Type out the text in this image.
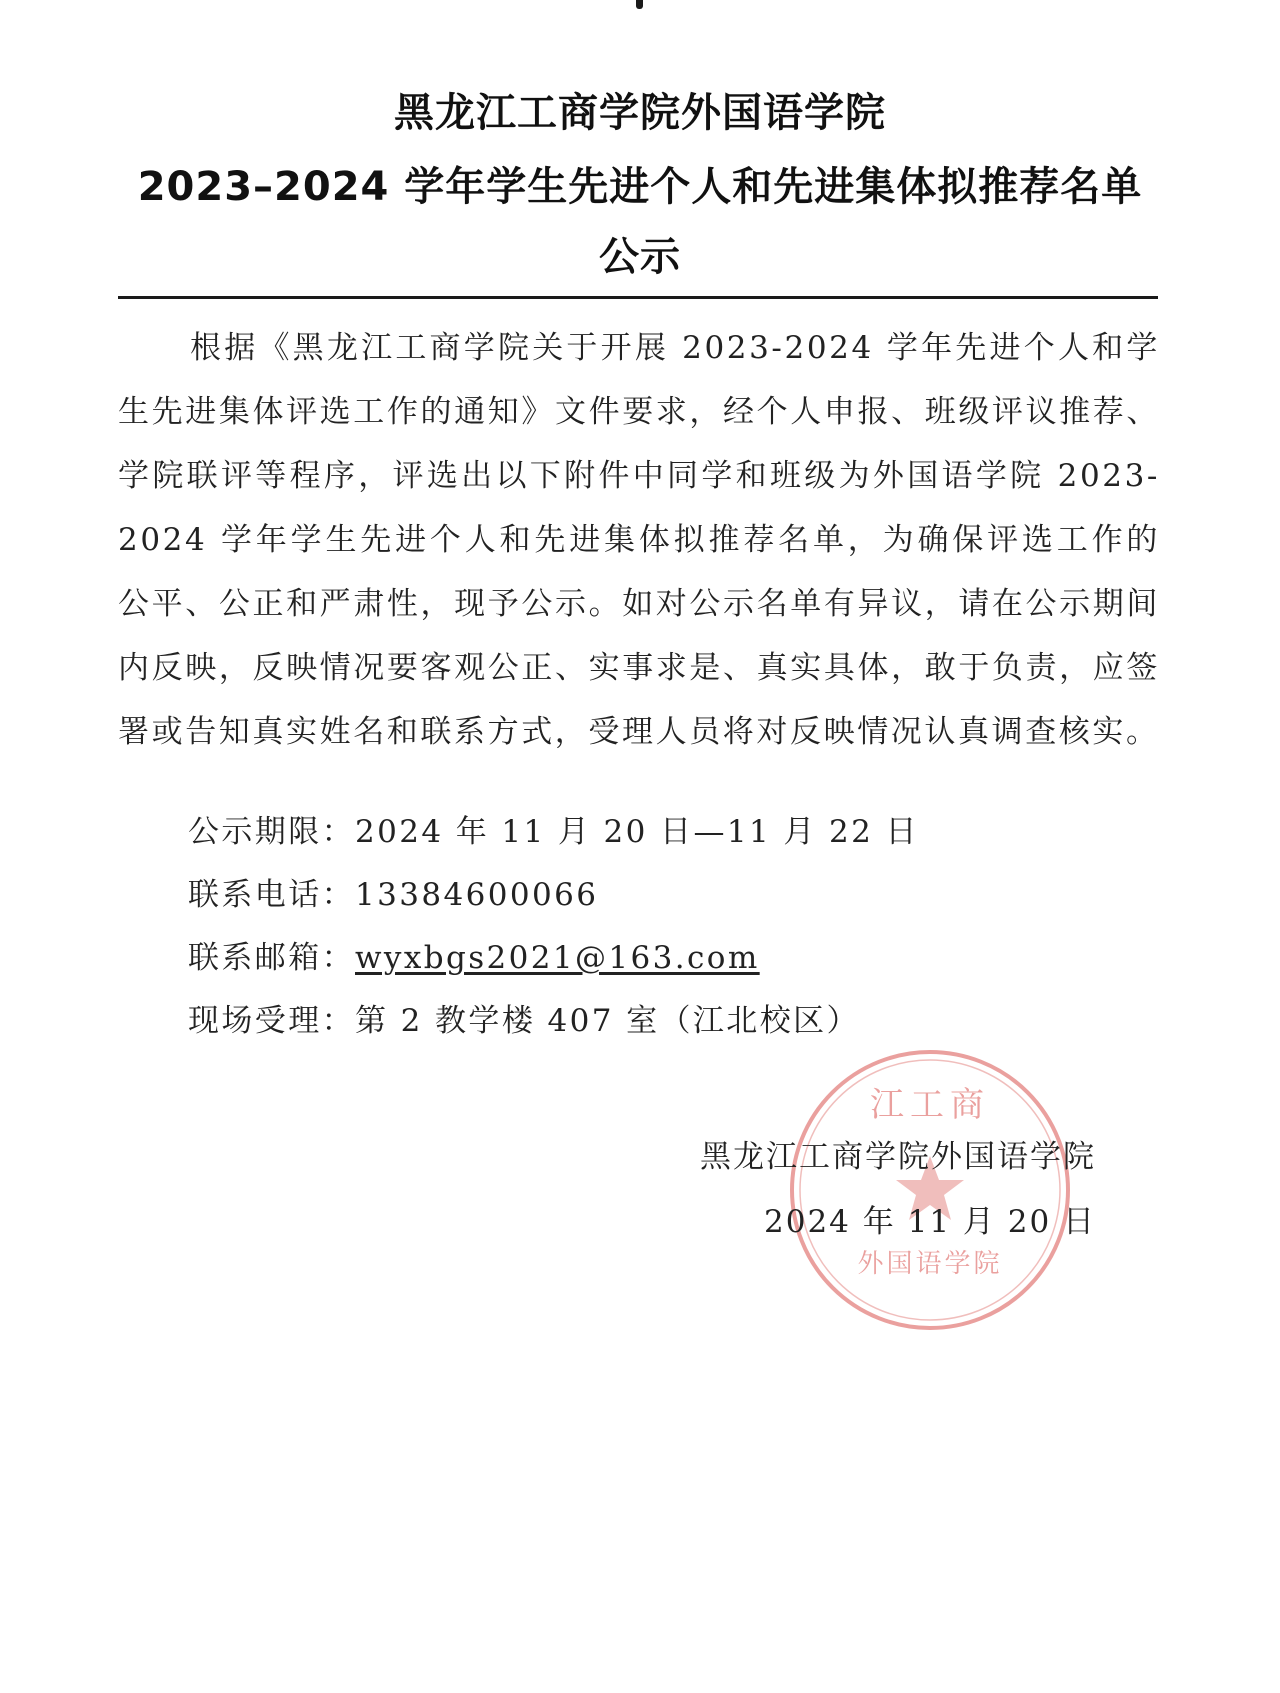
黑龙江工商学院外国语学院
2023–2024 学年学生先进个人和先进集体拟推荐名单
公示

根据《黑龙江工商学院关于开展 2023-2024 学年先进个人和学生先进集体评选工作的通知》文件要求，经个人申报、班级评议推荐、学院联评等程序，评选出以下附件中同学和班级为外国语学院 2023-2024 学年学生先进个人和先进集体拟推荐名单，为确保评选工作的公平、公正和严肃性，现予公示。如对公示名单有异议，请在公示期间内反映，反映情况要客观公正、实事求是、真实具体，敢于负责，应签署或告知真实姓名和联系方式，受理人员将对反映情况认真调查核实。

公示期限：2024 年 11 月 20 日—11 月 22 日
联系电话：13384600066
联系邮箱：wyxbgs2021@163.com
现场受理：第 2 教学楼 407 室（江北校区）
江工商
外国语学院
黑龙江工商学院外国语学院
2024 年 11 月 20 日
